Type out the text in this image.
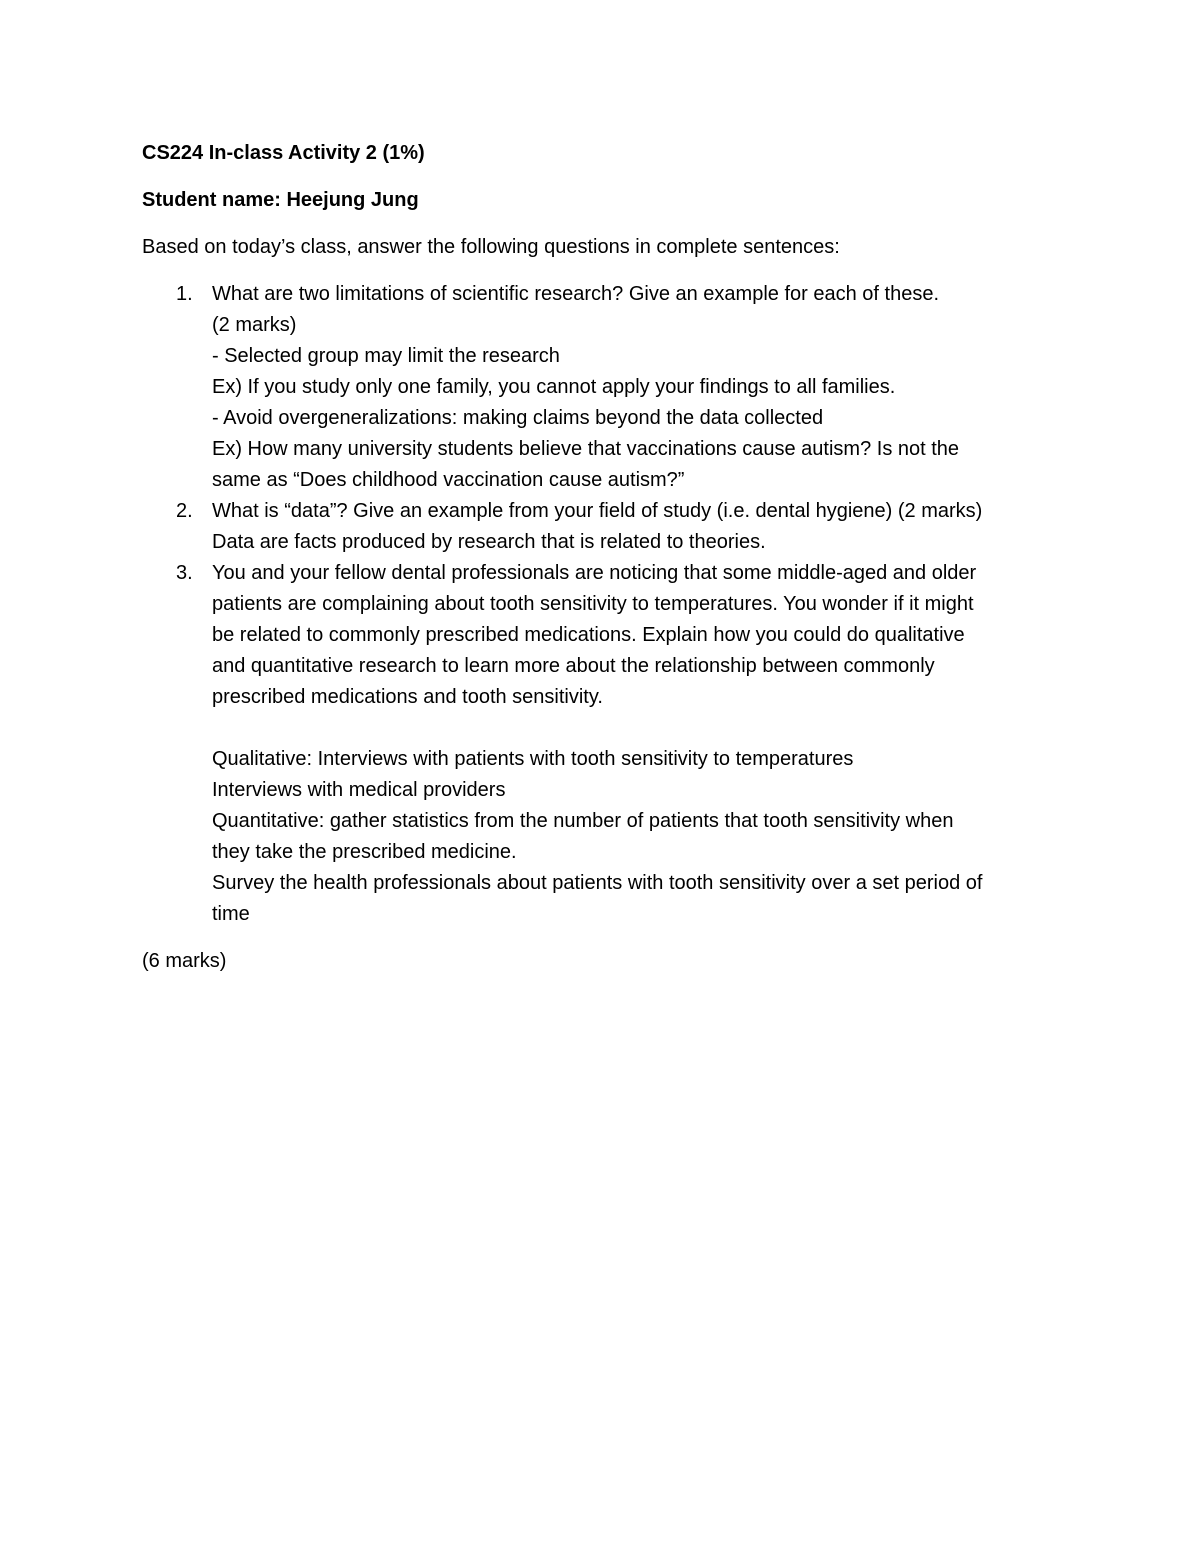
CS224 In-class Activity 2 (1%)
Student name: Heejung Jung
Based on today’s class, answer the following questions in complete sentences:
1. What are two limitations of scientific research? Give an example for each of these.
(2 marks)
- Selected group may limit the research
Ex) If you study only one family, you cannot apply your findings to all families.
- Avoid overgeneralizations: making claims beyond the data collected
Ex) How many university students believe that vaccinations cause autism? Is not the
same as “Does childhood vaccination cause autism?”
2. What is “data”? Give an example from your field of study (i.e. dental hygiene) (2 marks)
Data are facts produced by research that is related to theories.
3. You and your fellow dental professionals are noticing that some middle-aged and older
patients are complaining about tooth sensitivity to temperatures. You wonder if it might
be related to commonly prescribed medications. Explain how you could do qualitative
and quantitative research to learn more about the relationship between commonly
prescribed medications and tooth sensitivity.
Qualitative: Interviews with patients with tooth sensitivity to temperatures
Interviews with medical providers
Quantitative: gather statistics from the number of patients that tooth sensitivity when
they take the prescribed medicine.
Survey the health professionals about patients with tooth sensitivity over a set period of
time
(6 marks)
